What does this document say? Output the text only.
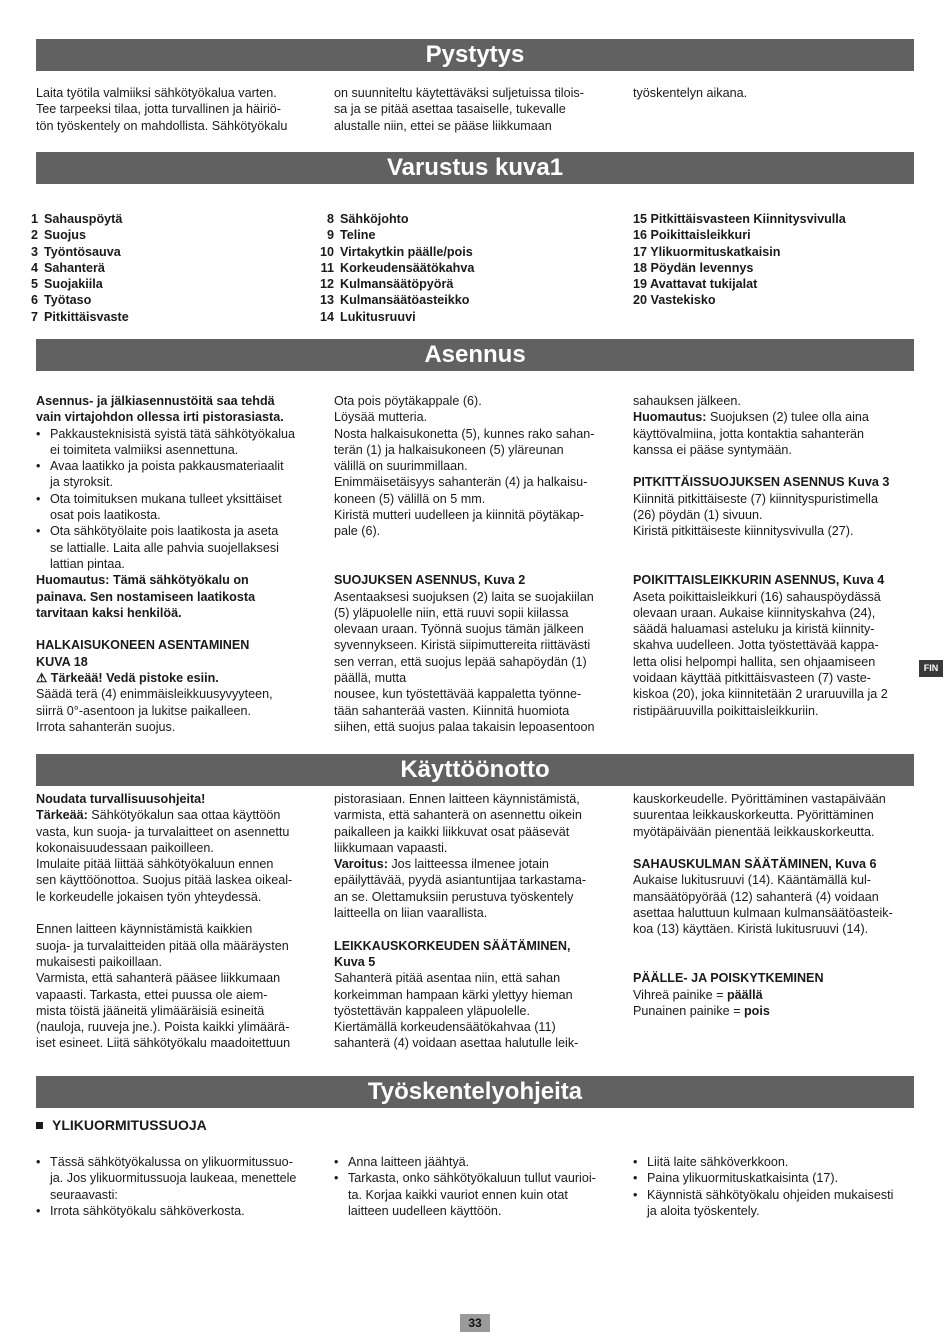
Pystytys
Varustus kuva1
Asennus
Käyttöönotto
Työskentelyohjeita
Laita työtila valmiiksi sähkötyökalua varten.
Tee tarpeeksi tilaa, jotta turvallinen ja häiriö-
tön työskentely on mahdollista. Sähkötyökalu
on suunniteltu käytettäväksi suljetuissa tilois-
sa ja se pitää asettaa tasaiselle, tukevalle
alustalle niin, ettei se pääse liikkumaan
työskentelyn aikana.
1 Sahauspöytä
2 Suojus
3 Työntösauva
4 Sahanterä
5 Suojakiila
6 Työtaso
7 Pitkittäisvaste
8 Sähköjohto
9 Teline
10 Virtakytkin päälle/pois
11 Korkeudensäätökahva
12 Kulmansäätöpyörä
13 Kulmansäätöasteikko
14 Lukitusruuvi
15 Pitkittäisvasteen Kiinnitysvivulla
16 Poikittaisleikkuri
17 Ylikuormituskatkaisin
18 Pöydän levennys
19 Avattavat tukijalat
20 Vastekisko
Asennus- ja jälkiasennustöitä saa tehdä
vain virtajohdon ollessa irti pistorasiasta.
• Pakkausteknisistä syistä tätä sähkötyökalua
ei toimiteta valmiiksi asennettuna.
• Avaa laatikko ja poista pakkausmateriaalit
ja styroksit.
• Ota toimituksen mukana tulleet yksittäiset
osat pois laatikosta.
• Ota sähkötyölaite pois laatikosta ja aseta
se lattialle. Laita alle pahvia suojellaksesi
lattian pintaa.
Huomautus: Tämä sähkötyökalu on
painava. Sen nostamiseen laatikosta
tarvitaan kaksi henkilöä.
HALKAISUKONEEN ASENTAMINEN
KUVA 18
⚠ Tärkeää! Vedä pistoke esiin.
Säädä terä (4) enimmäisleikkuusyvyyteen,
siirrä 0°-asentoon ja lukitse paikalleen.
Irrota sahanterän suojus.
Ota pois pöytäkappale (6).
Löysää mutteria.
Nosta halkaisukonetta (5), kunnes rako sahan-
terän (1) ja halkaisukoneen (5) yläreunan
välillä on suurimmillaan.
Enimmäisetäisyys sahanterän (4) ja halkaisu-
koneen (5) välillä on 5 mm.
Kiristä mutteri uudelleen ja kiinnitä pöytäkap-
pale (6).
SUOJUKSEN ASENNUS, Kuva 2
Asentaaksesi suojuksen (2) laita se suojakiilan
(5) yläpuolelle niin, että ruuvi sopii kiilassa
olevaan uraan. Työnnä suojus tämän jälkeen
syvennykseen. Kiristä siipimuttereita riittävästi
sen verran, että suojus lepää sahapöydän (1)
päällä, mutta
nousee, kun työstettävää kappaletta työnne-
tään sahanterää vasten. Kiinnitä huomiota
siihen, että suojus palaa takaisin lepoasentoon
sahauksen jälkeen.
Huomautus: Suojuksen (2) tulee olla aina
käyttövalmiina, jotta kontaktia sahanterän
kanssa ei pääse syntymään.
PITKITTÄISSUOJUKSEN ASENNUS Kuva 3
Kiinnitä pitkittäiseste (7) kiinnityspuristimella
(26) pöydän (1) sivuun.
Kiristä pitkittäiseste kiinnitysvivulla (27).
POIKITTAISLEIKKURIN ASENNUS, Kuva 4
Aseta poikittaisleikkuri (16) sahauspöydässä
olevaan uraan. Aukaise kiinnityskahva (24),
säädä haluamasi asteluku ja kiristä kiinnity-
skahva uudelleen. Jotta työstettävää kappa-
letta olisi helpompi hallita, sen ohjaamiseen
voidaan käyttää pitkittäisvasteen (7) vaste-
kiskoa (20), joka kiinnitetään 2 uraruuvilla ja 2
ristipääruuvilla poikittaisleikkuriin.
Noudata turvallisuusohjeita!
Tärkeää: Sähkötyökalun saa ottaa käyttöön
vasta, kun suoja- ja turvalaitteet on asennettu
kokonaisuudessaan paikoilleen.
Imulaite pitää liittää sähkötyökaluun ennen
sen käyttöönottoa. Suojus pitää laskea oikeal-
le korkeudelle jokaisen työn yhteydessä.
Ennen laitteen käynnistämistä kaikkien
suoja- ja turvalaitteiden pitää olla määräysten
mukaisesti paikoillaan.
Varmista, että sahanterä pääsee liikkumaan
vapaasti. Tarkasta, ettei puussa ole aiem-
mista töistä jääneitä ylimääräisiä esineitä
(nauloja, ruuveja jne.). Poista kaikki ylimäärä-
iset esineet. Liitä sähkötyökalu maadoitettuun
pistorasiaan. Ennen laitteen käynnistämistä,
varmista, että sahanterä on asennettu oikein
paikalleen ja kaikki liikkuvat osat pääsevät
liikkumaan vapaasti.
Varoitus: Jos laitteessa ilmenee jotain
epäilyttävää, pyydä asiantuntijaa tarkastama-
an se. Olettamuksiin perustuva työskentely
laitteella on liian vaarallista.
LEIKKAUSKORKEUDEN SÄÄTÄMINEN,
Kuva 5
Sahanterä pitää asentaa niin, että sahan
korkeimman hampaan kärki ylettyy hieman
työstettävän kappaleen yläpuolelle.
Kiertämällä korkeudensäätökahvaa (11)
sahanterä (4) voidaan asettaa halutulle leik-
kauskorkeudelle. Pyörittäminen vastapäivään
suurentaa leikkauskorkeutta. Pyörittäminen
myötäpäivään pienentää leikkauskorkeutta.
SAHAUSKULMAN SÄÄTÄMINEN, Kuva 6
Aukaise lukitusruuvi (14). Kääntämällä kul-
mansäätöpyörää (12) sahanterä (4) voidaan
asettaa haluttuun kulmaan kulmansäätöasteik-
koa (13) käyttäen. Kiristä lukitusruuvi (14).
PÄÄLLE- JA POISKYTKEMINEN
Vihreä painike = päällä
Punainen painike = pois
YLIKUORMITUSSUOJA
• Tässä sähkötyökalussa on ylikuormitussuo-
ja. Jos ylikuormitussuoja laukeaa, menettele
seuraavasti:
• Irrota sähkötyökalu sähköverkosta.
• Anna laitteen jäähtyä.
• Tarkasta, onko sähkötyökaluun tullut vaurioi-
ta. Korjaa kaikki vauriot ennen kuin otat
laitteen uudelleen käyttöön.
• Liitä laite sähköverkkoon.
• Paina ylikuormituskatkaisinta (17).
• Käynnistä sähkötyökalu ohjeiden mukaisesti
ja aloita työskentely.
FIN
33
